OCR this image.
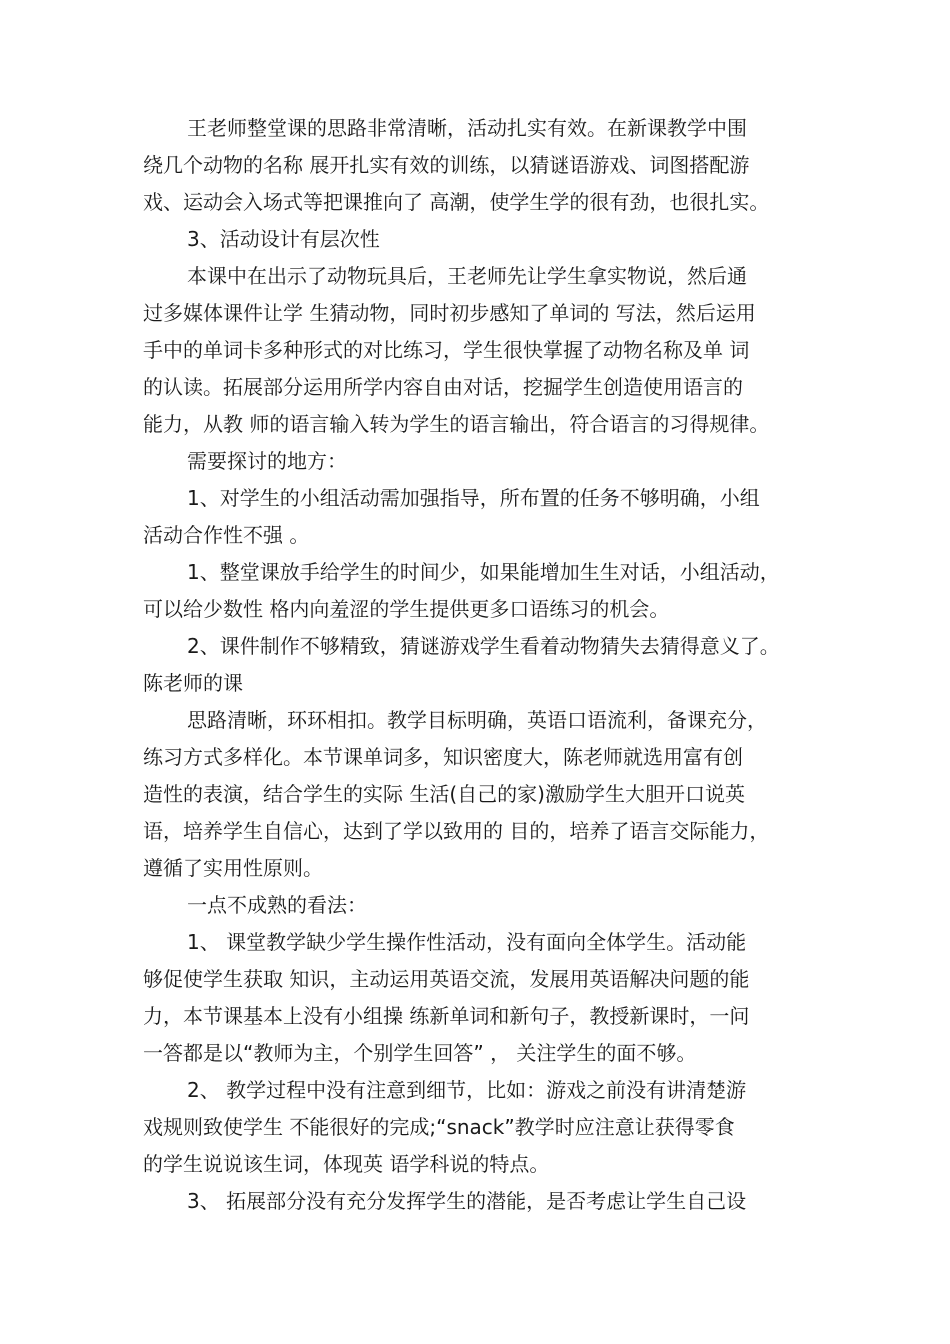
王老师整堂课的思路非常清晰，活动扎实有效。在新课教学中围
绕几个动物的名称 展开扎实有效的训练，以猜谜语游戏、词图搭配游
戏、运动会入场式等把课推向了 高潮，使学生学的很有劲，也很扎实。

3、活动设计有层次性

本课中在出示了动物玩具后，王老师先让学生拿实物说，然后通
过多媒体课件让学 生猜动物，同时初步感知了单词的 写法，然后运用
手中的单词卡多种形式的对比练习，学生很快掌握了动物名称及单 词
的认读。拓展部分运用所学内容自由对话，挖掘学生创造使用语言的
能力，从教 师的语言输入转为学生的语言输出，符合语言的习得规律。

需要探讨的地方：

1、对学生的小组活动需加强指导，所布置的任务不够明确，小组
活动合作性不强 。

1、整堂课放手给学生的时间少，如果能增加生生对话，小组活动，
可以给少数性 格内向羞涩的学生提供更多口语练习的机会。

2、课件制作不够精致，猜谜游戏学生看着动物猜失去猜得意义了。

陈老师的课

思路清晰，环环相扣。教学目标明确，英语口语流利，备课充分，
练习方式多样化。本节课单词多，知识密度大，陈老师就选用富有创
造性的表演，结合学生的实际 生活(自己的家)激励学生大胆开口说英
语，培养学生自信心，达到了学以致用的 目的，培养了语言交际能力，
遵循了实用性原则。

一点不成熟的看法：

1、 课堂教学缺少学生操作性活动，没有面向全体学生。活动能
够促使学生获取 知识，主动运用英语交流，发展用英语解决问题的能
力，本节课基本上没有小组操 练新单词和新句子，教授新课时，一问
一答都是以“教师为主，个别学生回答” ， 关注学生的面不够。

2、 教学过程中没有注意到细节，比如：游戏之前没有讲清楚游
戏规则致使学生 不能很好的完成;“snack”教学时应注意让获得零食
的学生说说该生词，体现英 语学科说的特点。

3、 拓展部分没有充分发挥学生的潜能，是否考虑让学生自己设
